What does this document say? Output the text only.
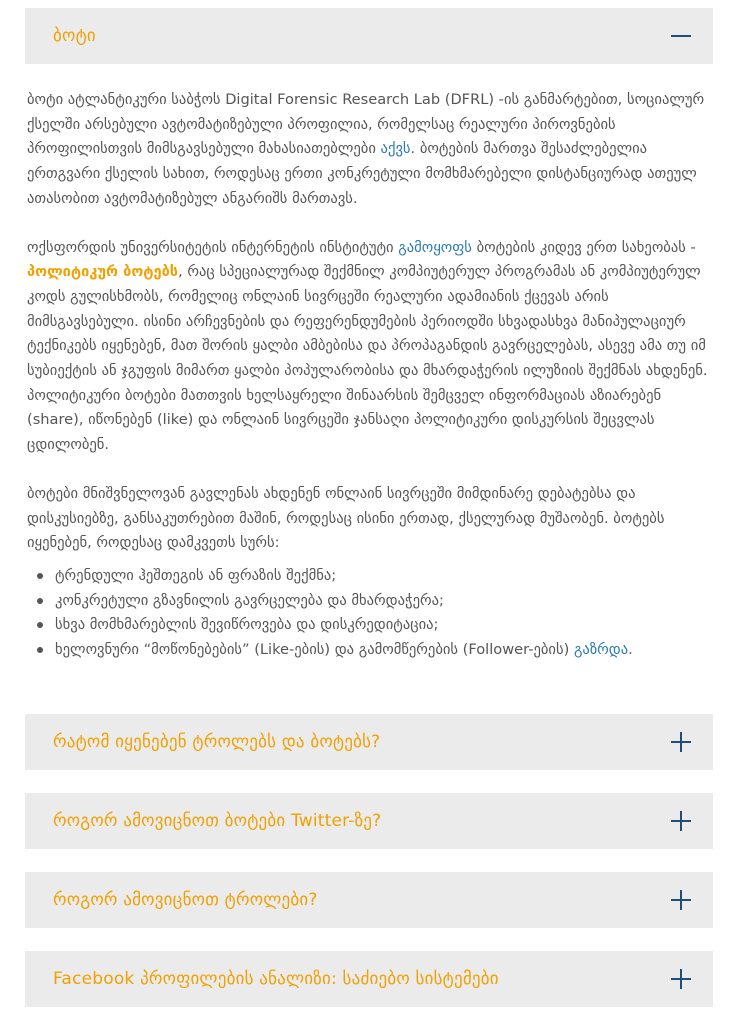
ბოტი

ბოტი ატლანტიკური საბჭოს Digital Forensic Research Lab (DFRL) -ის განმარტებით, სოციალურ ქსელში არსებული ავტომატიზებული პროფილია, რომელსაც რეალური პიროვნების პროფილისთვის მიმსგავსებული მახასიათებლები აქვს. ბოტების მართვა შესაძლებელია ერთგვარი ქსელის სახით, როდესაც ერთი კონკრეტული მომხმარებელი დისტანციურად ათეულ ათასობით ავტომატიზებულ ანგარიშს მართავს.

ოქსფორდის უნივერსიტეტის ინტერნეტის ინსტიტუტი გამოყოფს ბოტების კიდევ ერთ სახეობას - პოლიტიკურ ბოტებს, რაც სპეციალურად შექმნილ კომპიუტერულ პროგრამას ან კომპიუტერულ კოდს გულისხმობს, რომელიც ონლაინ სივრცეში რეალური ადამიანის ქცევას არის მიმსგავსებული. ისინი არჩევნების და რეფერენდუმების პერიოდში სხვადასხვა მანიპულაციურ ტექნიკებს იყენებენ, მათ შორის ყალბი ამბებისა და პროპაგანდის გავრცელებას, ასევე ამა თუ იმ სუბიექტის ან ჯგუფის მიმართ ყალბი პოპულარობისა და მხარდაჭერის ილუზიის შექმნას ახდენენ. პოლიტიკური ბოტები მათთვის ხელსაყრელი შინაარსის შემცველ ინფორმაციას აზიარებენ (share), იწონებენ (like) და ონლაინ სივრცეში ჯანსაღი პოლიტიკური დისკურსის შეცვლას ცდილობენ.

ბოტები მნიშვნელოვან გავლენას ახდენენ ონლაინ სივრცეში მიმდინარე დებატებსა და დისკუსიებზე, განსაკუთრებით მაშინ, როდესაც ისინი ერთად, ქსელურად მუშაობენ. ბოტებს იყენებენ, როდესაც დამკვეთს სურს:

ტრენდული ჰეშთეგის ან ფრაზის შექმნა;
კონკრეტული გზავნილის გავრცელება და მხარდაჭერა;
სხვა მომხმარებლის შევიწროვება და დისკრედიტაცია;
ხელოვნური “მოწონებების” (Like-ების) და გამომწერების (Follower-ების) გაზრდა.
რატომ იყენებენ ტროლებს და ბოტებს?
როგორ ამოვიცნოთ ბოტები Twitter-ზე?
როგორ ამოვიცნოთ ტროლები?
Facebook პროფილების ანალიზი: საძიებო სისტემები
